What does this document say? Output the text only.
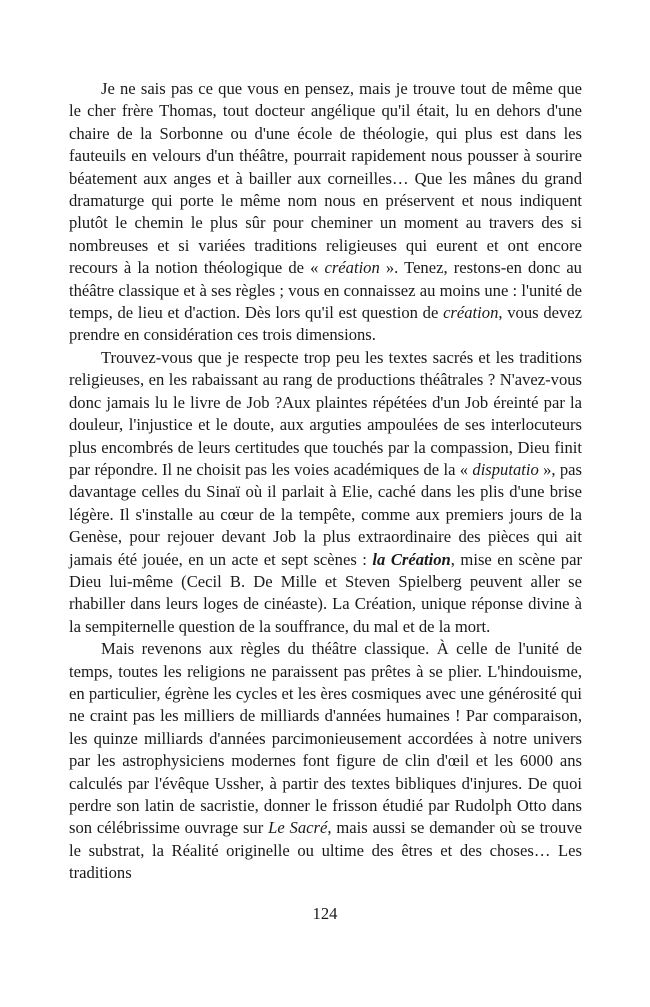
Je ne sais pas ce que vous en pensez, mais je trouve tout de même que le cher frère Thomas, tout docteur angélique qu'il était, lu en dehors d'une chaire de la Sorbonne ou d'une école de théologie, qui plus est dans les fauteuils en velours d'un théâtre, pourrait rapidement nous pousser à sourire béatement aux anges et à bailler aux corneilles… Que les mânes du grand dramaturge qui porte le même nom nous en préservent et nous indiquent plutôt le chemin le plus sûr pour cheminer un moment au travers des si nombreuses et si variées traditions religieuses qui eurent et ont encore recours à la notion théologique de « création ». Tenez, restons-en donc au théâtre classique et à ses règles ; vous en connaissez au moins une : l'unité de temps, de lieu et d'action. Dès lors qu'il est question de création, vous devez prendre en considération ces trois dimensions.

Trouvez-vous que je respecte trop peu les textes sacrés et les traditions religieuses, en les rabaissant au rang de productions théâtrales ? N'avez-vous donc jamais lu le livre de Job ?Aux plaintes répétées d'un Job éreinté par la douleur, l'injustice et le doute, aux arguties ampoulées de ses interlocuteurs plus encombrés de leurs certitudes que touchés par la compassion, Dieu finit par répondre. Il ne choisit pas les voies académiques de la « disputatio », pas davantage celles du Sinaï où il parlait à Elie, caché dans les plis d'une brise légère. Il s'installe au cœur de la tempête, comme aux premiers jours de la Genèse, pour rejouer devant Job la plus extraordinaire des pièces qui ait jamais été jouée, en un acte et sept scènes : la Création, mise en scène par Dieu lui-même (Cecil B. De Mille et Steven Spielberg peuvent aller se rhabiller dans leurs loges de cinéaste). La Création, unique réponse divine à la sempiternelle question de la souffrance, du mal et de la mort.

Mais revenons aux règles du théâtre classique. À celle de l'unité de temps, toutes les religions ne paraissent pas prêtes à se plier. L'hindouisme, en particulier, égrène les cycles et les ères cosmiques avec une générosité qui ne craint pas les milliers de milliards d'années humaines ! Par comparaison, les quinze milliards d'années parcimonieusement accordées à notre univers par les astrophysiciens modernes font figure de clin d'œil et les 6000 ans calculés par l'évêque Ussher, à partir des textes bibliques d'injures. De quoi perdre son latin de sacristie, donner le frisson étudié par Rudolph Otto dans son célébrissime ouvrage sur Le Sacré, mais aussi se demander où se trouve le substrat, la Réalité originelle ou ultime des êtres et des choses… Les traditions

124
